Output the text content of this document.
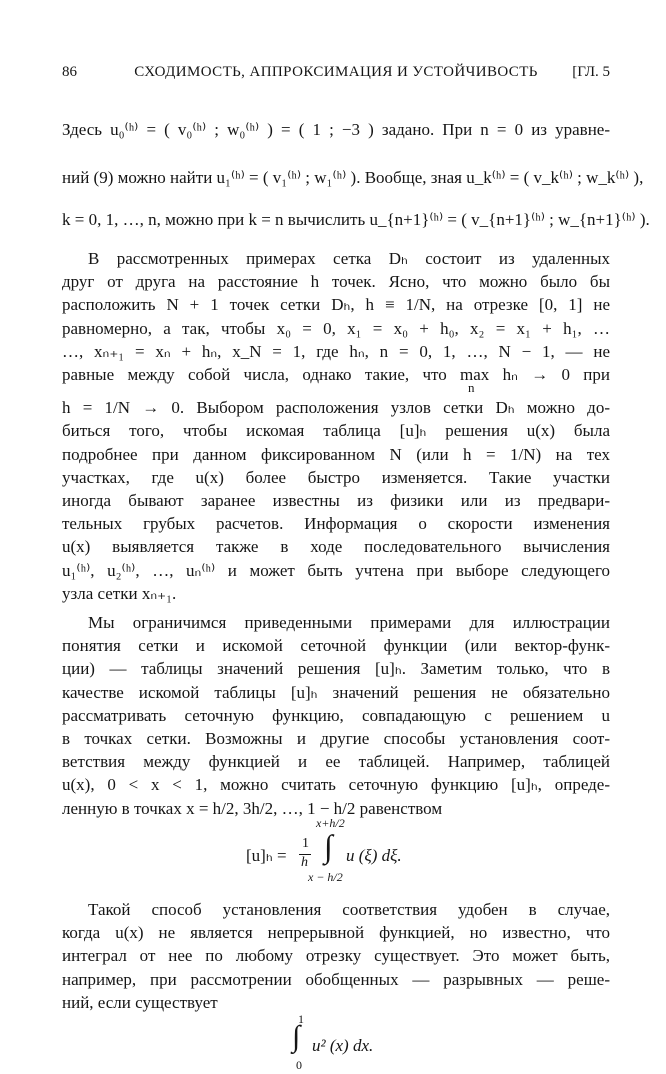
86	СХОДИМОСТЬ, АППРОКСИМАЦИЯ И УСТОЙЧИВОСТЬ	[ГЛ. 5
Здесь u₀⁽ʰ⁾ = ( v₀⁽ʰ⁾ ; w₀⁽ʰ⁾ ) = ( 1 ; −3 ) задано. При n = 0 из уравне-
ний (9) можно найти u₁⁽ʰ⁾ = ( v₁⁽ʰ⁾ ; w₁⁽ʰ⁾ ). Вообще, зная u_k⁽ʰ⁾ = ( v_k⁽ʰ⁾ ; w_k⁽ʰ⁾ ),
k = 0, 1, …, n, можно при k = n вычислить u_{n+1}⁽ʰ⁾ = ( v_{n+1}⁽ʰ⁾ ; w_{n+1}⁽ʰ⁾ ).
В рассмотренных примерах сетка Dₕ состоит из удаленных
друг от друга на расстояние h точек. Ясно, что можно было бы
расположить N + 1 точек сетки Dₕ, h ≡ 1/N, на отрезке [0, 1] не
равномерно, а так, чтобы x₀ = 0, x₁ = x₀ + h₀, x₂ = x₁ + h₁, …
…, xₙ₊₁ = xₙ + hₙ, x_N = 1, где hₙ, n = 0, 1, …, N − 1, — не
n
равные между собой числа, однако такие, что max hₙ → 0 при
h = 1/N → 0. Выбором расположения узлов сетки Dₕ можно до-
биться того, чтобы искомая таблица [u]ₕ решения u(x) была
подробнее при данном фиксированном N (или h = 1/N) на тех
участках, где u(x) более быстро изменяется. Такие участки
иногда бывают заранее известны из физики или из предвари-
тельных грубых расчетов. Информация о скорости изменения
u(x) выявляется также в ходе последовательного вычисления
u₁⁽ʰ⁾, u₂⁽ʰ⁾, …, uₙ⁽ʰ⁾ и может быть учтена при выборе следующего
узла сетки xₙ₊₁.
Мы ограничимся приведенными примерами для иллюстрации
понятия сетки и искомой сеточной функции (или вектор-функ-
ции) — таблицы значений решения [u]ₕ. Заметим только, что в
качестве искомой таблицы [u]ₕ значений решения не обязательно
рассматривать сеточную функцию, совпадающую с решением u
в точках сетки. Возможны и другие способы установления соот-
ветствия между функцией и ее таблицей. Например, таблицей
u(x), 0 < x < 1, можно считать сеточную функцию [u]ₕ, опреде-
ленную в точках x = h/2, 3h/2, …, 1 − h/2 равенством
[u]ₕ =
1
h
x+h/2
∫
x − h/2
u (ξ) dξ.
Такой способ установления соответствия удобен в случае,
когда u(x) не является непрерывной функцией, но известно, что
интеграл от нее по любому отрезку существует. Это может быть,
например, при рассмотрении обобщенных — разрывных — реше-
ний, если существует
1
∫
0
u² (x) dx.
